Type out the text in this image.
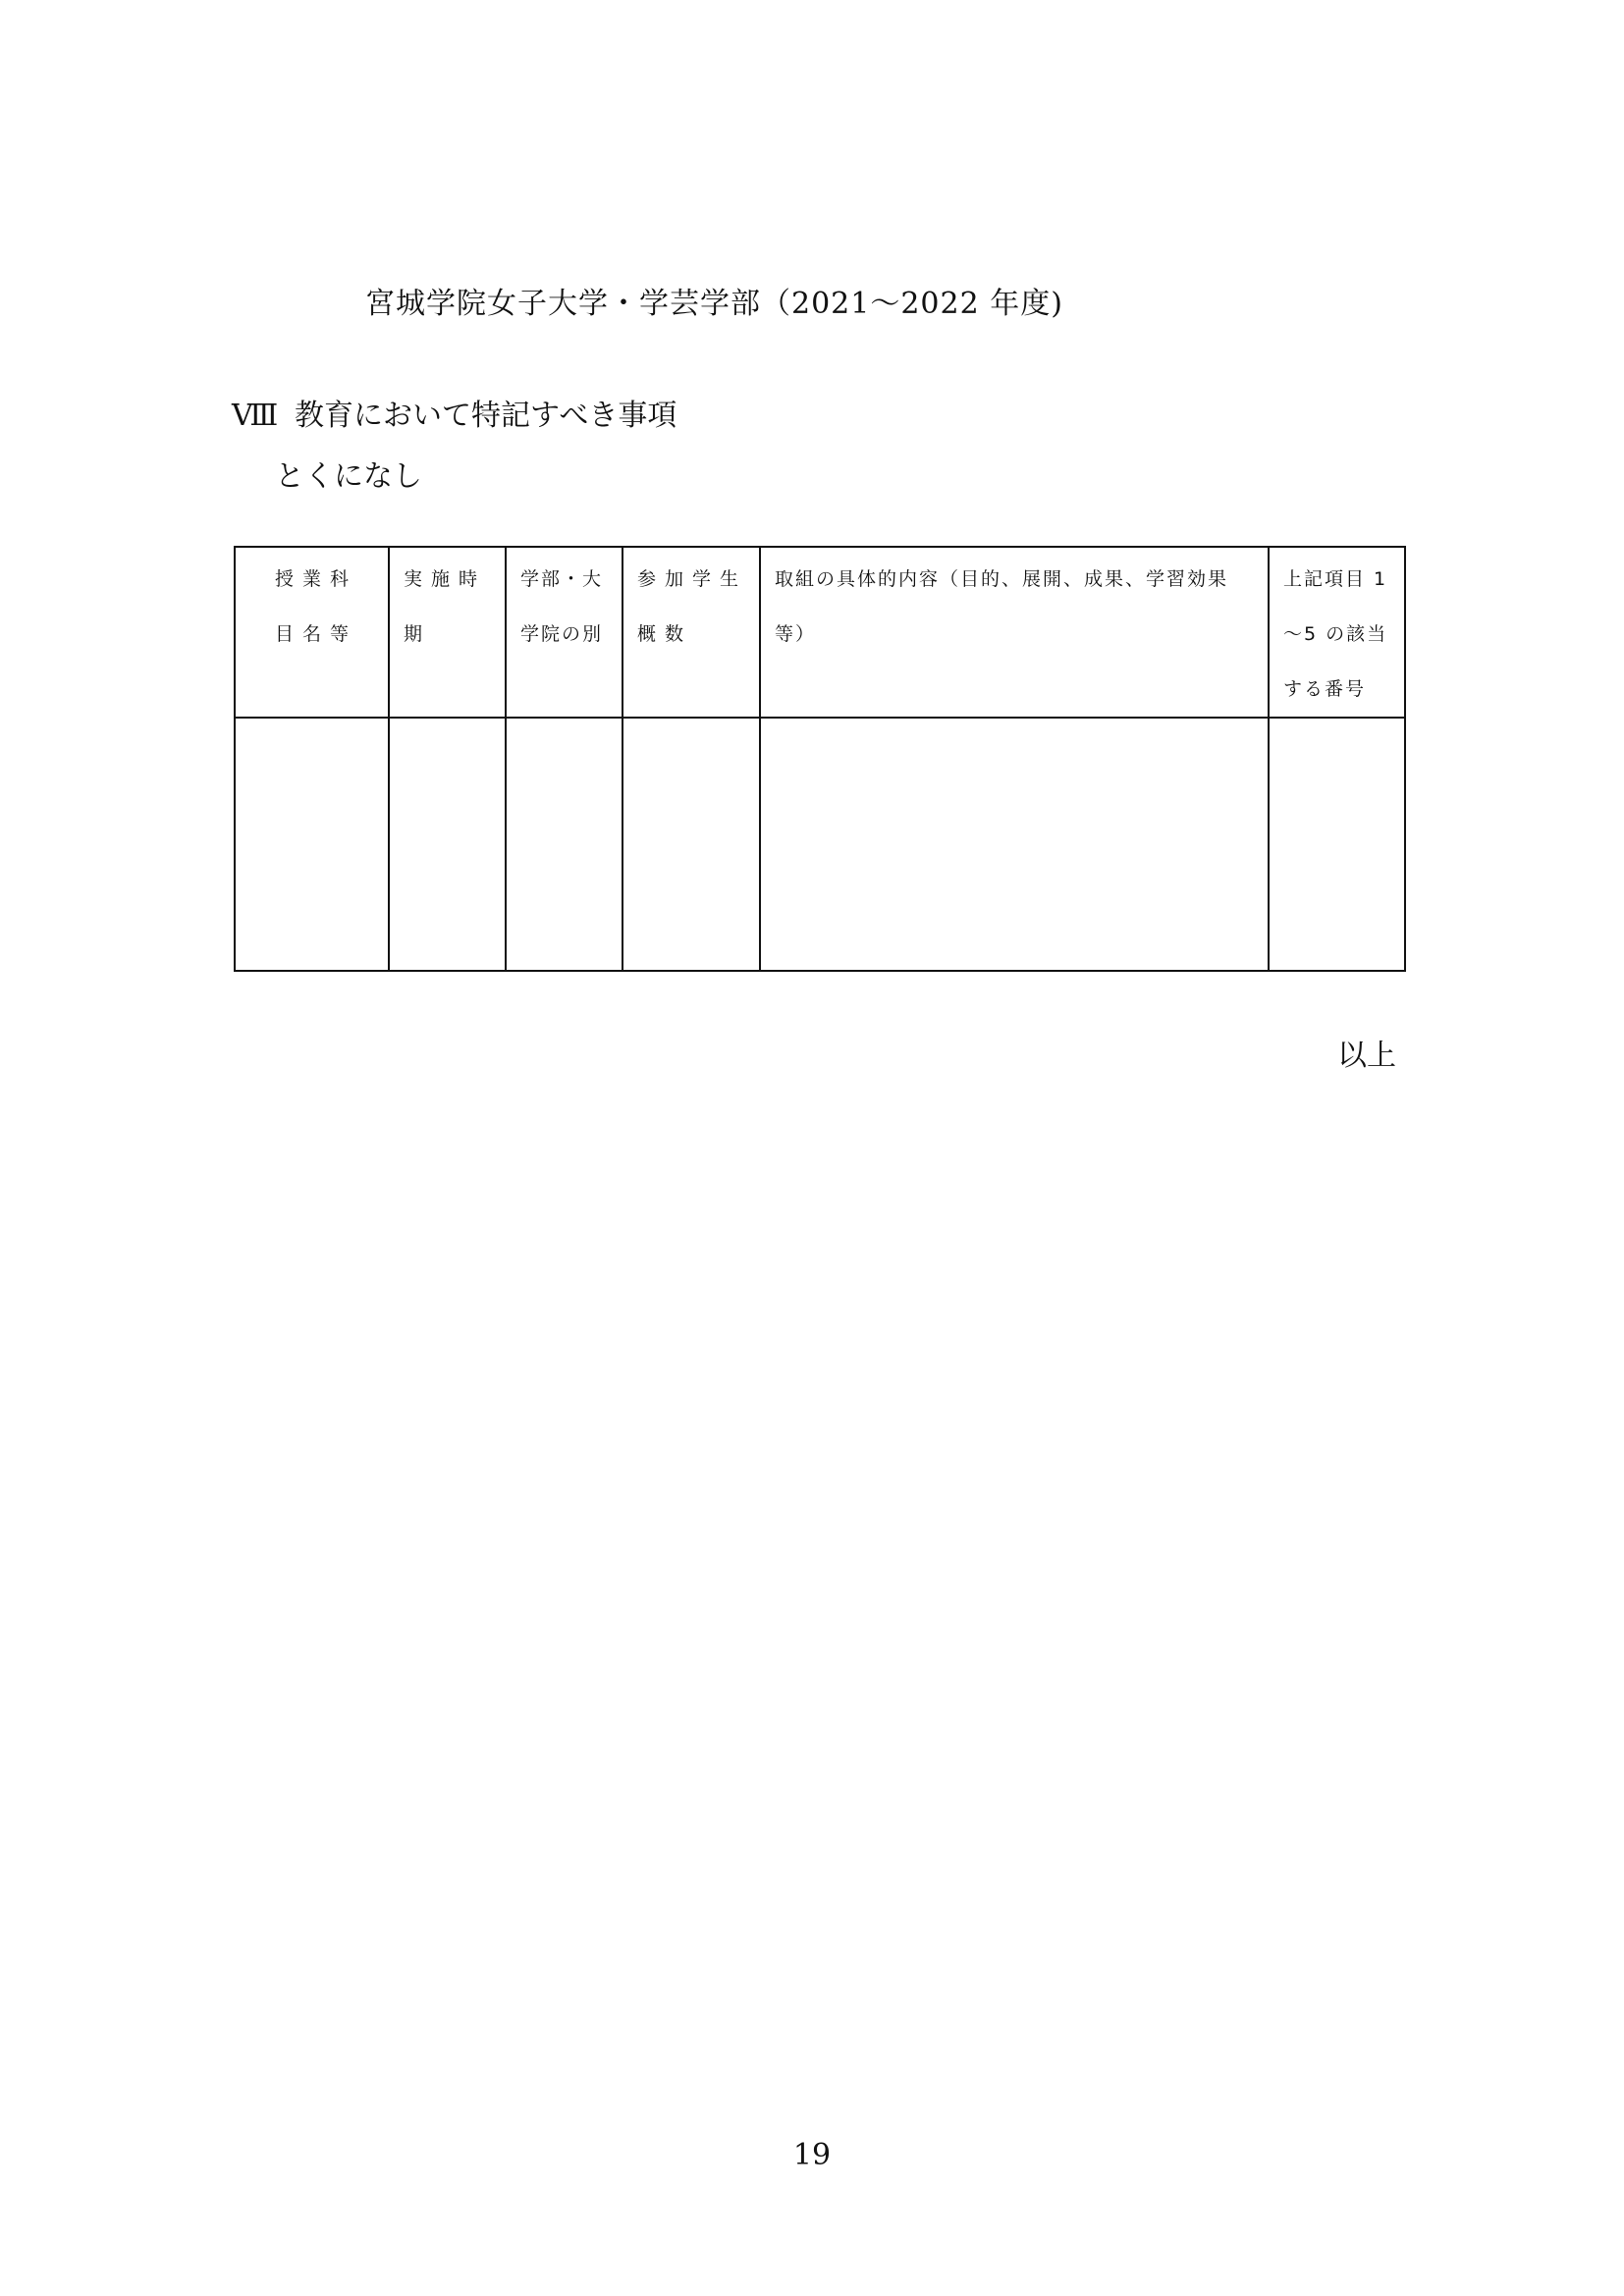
宮城学院女子大学・学芸学部（2021～2022 年度)
Ⅷ 教育において特記すべき事項
とくになし
授業科目名等	実施時期	学部・大学院の別	参加学生概数	取組の具体的内容（目的、展開、成果、学習効果等）	上記項目 1～5 の該当する番号

以上
19
